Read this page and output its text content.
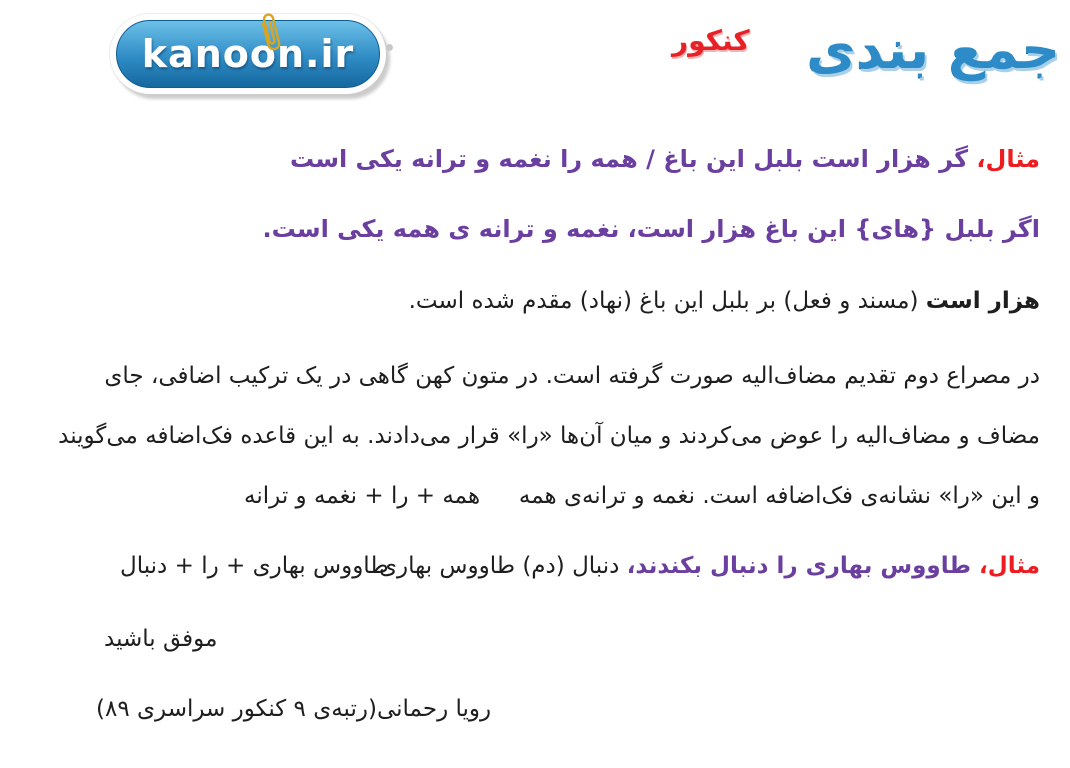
kanoon.ir	جمع بندی
کنکور
مثال، گر هزار است بلبل این باغ / همه را نغمه و ترانه یکی است
اگر بلبل {های} این باغ هزار است، نغمه و ترانه ی همه یکی است.
هزار است (مسند و فعل) بر بلبل این باغ (نهاد) مقدم شده است.
در مصراع دوم تقدیم مضاف‌الیه صورت گرفته است. در متون کهن گاهی در یک ترکیب اضافی، جای
مضاف و مضاف‌الیه را عوض می‌کردند و میان آن‌ها «را» قرار می‌دادند. به این قاعده فک‌اضافه می‌گویند
و این «را» نشانه‌ی فک‌اضافه است. نغمه و ترانه‌ی همه
همه + را + نغمه و ترانه
مثال، طاووس بهاری را دنبال بکندند، دنبال (دم) طاووس بهاری
طاووس بهاری + را + دنبال
موفق باشید
رویا رحمانی(رتبه‌ی ۹ کنکور سراسری ۸۹)
